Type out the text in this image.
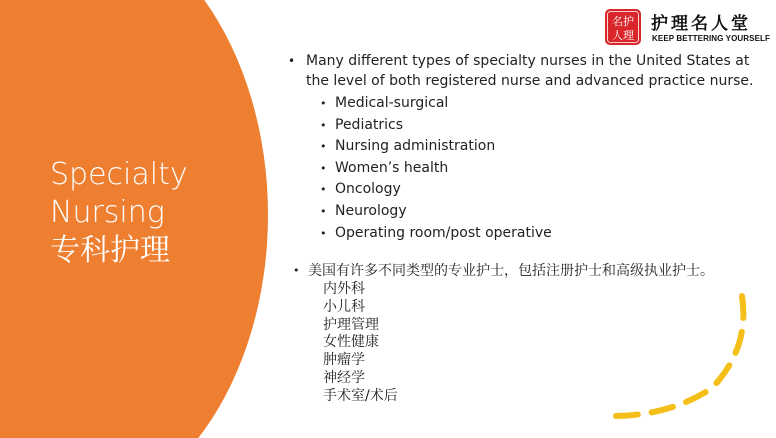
Specialty
Nursing
专科护理
名护
人理
护理名人堂
KEEP BETTERING YOURSELF
• Many different types of specialty nurses in the United States at
the level of both registered nurse and advanced practice nurse.
• Medical-surgical
• Pediatrics
• Nursing administration
• Women’s health
• Oncology
• Neurology
• Operating room/post operative
• 美国有许多不同类型的专业护士，包括注册护士和高级执业护士。
内外科
小儿科
护理管理
女性健康
肿瘤学
神经学
手术室/术后
